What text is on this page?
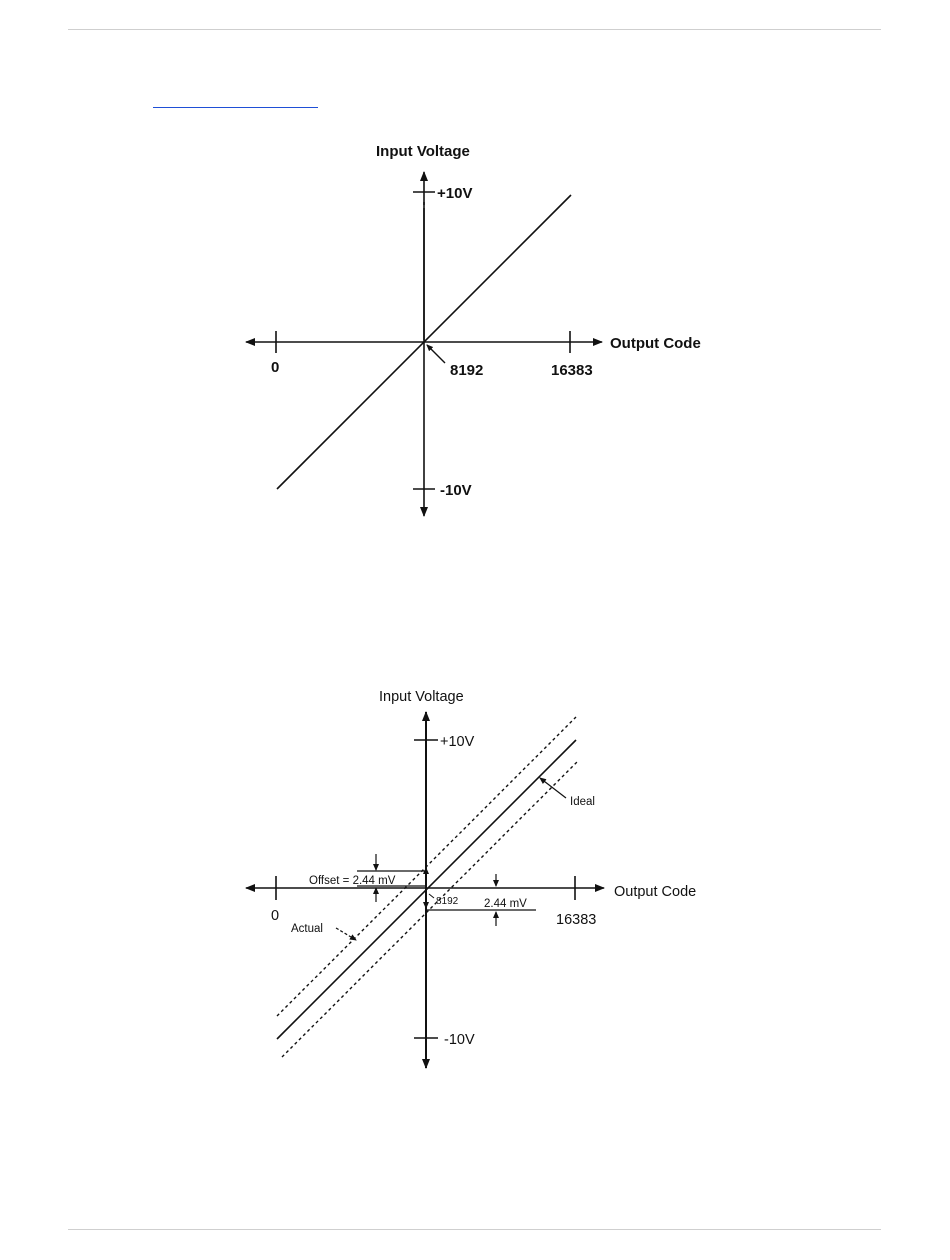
Input Voltage
Output Code
+10V
-10V
0	8192	16383
Input Voltage
Output Code
+10V
-10V
0	16383
Ideal
Actual
Offset = 2.44 mV
2.44 mV
8192
